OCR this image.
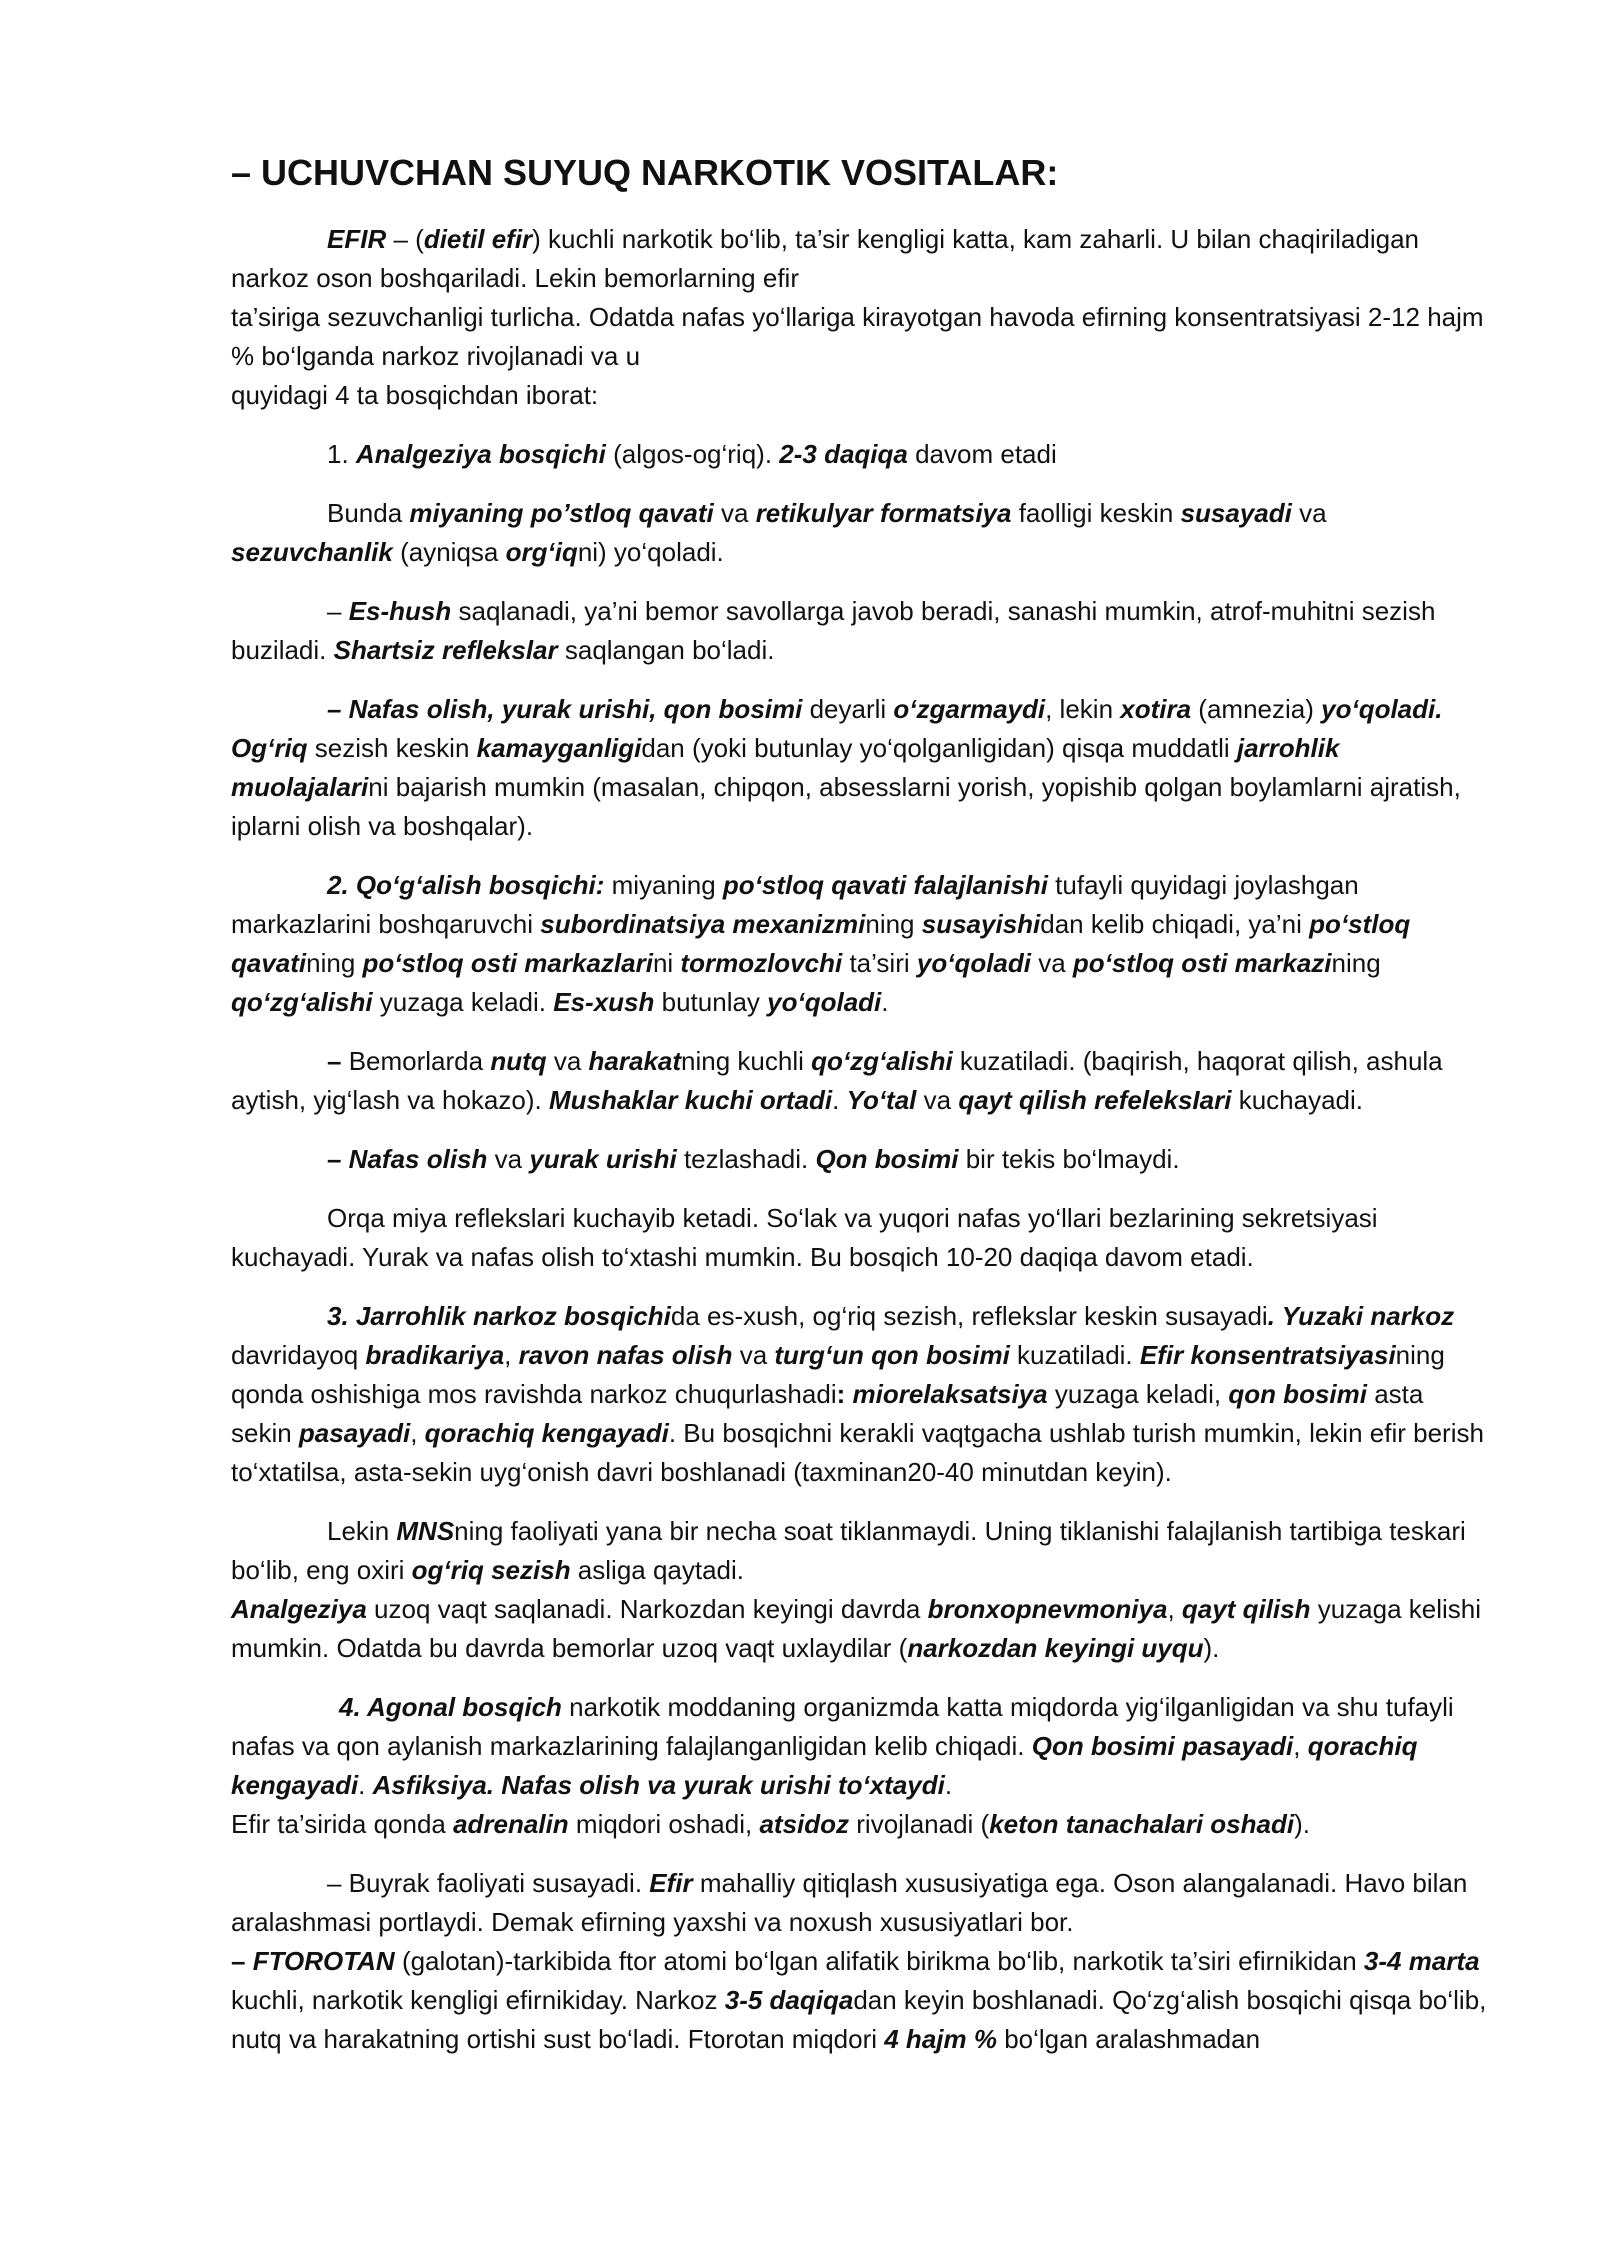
– UCHUVCHAN SUYUQ NARKOTIK VOSITALAR:
EFIR – (dietil efir) kuchli narkotik bo‘lib, ta’sir kengligi katta, kam zaharli. U bilan chaqiriladigan narkoz oson boshqariladi. Lekin bemorlarning efir
ta’siriga sezuvchanligi turlicha. Odatda nafas yo‘llariga kirayotgan havoda efirning konsentratsiyasi 2-12 hajm % bo‘lganda narkoz rivojlanadi va u
quyidagi 4 ta bosqichdan iborat:
1. Analgeziya bosqichi (algos-og‘riq). 2-3 daqiqa davom etadi
Bunda miyaning po’stloq qavati va retikulyar formatsiya faolligi keskin susayadi va sezuvchanlik (ayniqsa org‘iqni) yo‘qoladi.
– Es-hush saqlanadi, ya’ni bemor savollarga javob beradi, sanashi mumkin, atrof-muhitni sezish buziladi. Shartsiz reflekslar saqlangan bo‘ladi.
– Nafas olish, yurak urishi, qon bosimi deyarli o‘zgarmaydi, lekin xotira (amnezia) yo‘qoladi. Og‘riq sezish keskin kamayganligidan (yoki butunlay yo‘qolganligidan) qisqa muddatli jarrohlik muolajalarini bajarish mumkin (masalan, chipqon, absesslarni yorish, yopishib qolgan boylamlarni ajratish, iplarni olish va boshqalar).
2. Qo‘g‘alish bosqichi: miyaning po‘stloq qavati falajlanishi tufayli quyidagi joylashgan markazlarini boshqaruvchi subordinatsiya mexanizmining susayishidan kelib chiqadi, ya’ni po‘stloq qavatining po‘stloq osti markazlarini tormozlovchi ta’siri yo‘qoladi va po‘stloq osti markazining qo‘zg‘alishi yuzaga keladi. Es-xush butunlay yo‘qoladi.
– Bemorlarda nutq va harakatning kuchli qo‘zg‘alishi kuzatiladi. (baqirish, haqorat qilish, ashula aytish, yig‘lash va hokazo). Mushaklar kuchi ortadi. Yo‘tal va qayt qilish refeleksIari kuchayadi.
– Nafas olish va yurak urishi tezlashadi. Qon bosimi bir tekis bo‘lmaydi.
Orqa miya reflekslari kuchayib ketadi. So‘lak va yuqori nafas yo‘llari bezlarining sekretsiyasi kuchayadi. Yurak va nafas olish to‘xtashi mumkin. Bu bosqich 10-20 daqiqa davom etadi.
3. Jarrohlik narkoz bosqichida es-xush, og‘riq sezish, reflekslar keskin susayadi. Yuzaki narkoz davridayoq bradikariya, ravon nafas olish va turg‘un qon bosimi kuzatiladi. Efir konsentratsiyasining qonda oshishiga mos ravishda narkoz chuqurlashadi: miorelaksatsiya yuzaga keladi, qon bosimi asta sekin pasayadi, qorachiq kengayadi. Bu bosqichni kerakli vaqtgacha ushlab turish mumkin, lekin efir berish to‘xtatilsa, asta-sekin uyg‘onish davri boshlanadi (taxminan20-40 minutdan keyin).
Lekin MNSning faoliyati yana bir necha soat tiklanmaydi. Uning tiklanishi falajlanish tartibiga teskari bo‘lib, eng oxiri og‘riq sezish asliga qaytadi.
Analgeziya uzoq vaqt saqlanadi. Narkozdan keyingi davrda bronxopnevmoniya, qayt qilish yuzaga kelishi mumkin. Odatda bu davrda bemorlar uzoq vaqt uxlaydilar (narkozdan keyingi uyqu).
4. Agonal bosqich narkotik moddaning organizmda katta miqdorda yig‘ilganligidan va shu tufayli nafas va qon aylanish markazlarining falajlanganligidan kelib chiqadi. Qon bosimi pasayadi, qorachiq kengayadi. Asfiksiya. Nafas olish va yurak urishi to‘xtaydi.
Efir ta’sirida qonda adrenalin miqdori oshadi, atsidoz rivojlanadi (keton tanachalari oshadi).
– Buyrak faoliyati susayadi. Efir mahalliy qitiqlash xususiyatiga ega. Oson alangalanadi. Havo bilan aralashmasi portlaydi. Demak efirning yaxshi va noxush xususiyatlari bor.
– FTOROTAN (galotan)-tarkibida ftor atomi bo‘lgan alifatik birikma bo‘lib, narkotik ta’siri efirnikidan 3-4 marta kuchli, narkotik kengligi efirnikiday. Narkoz 3-5 daqiqadan keyin boshlanadi. Qo‘zg‘alish bosqichi qisqa bo‘lib, nutq va harakatning ortishi sust bo‘ladi. Ftorotan miqdori 4 hajm % bo‘lgan aralashmadan
